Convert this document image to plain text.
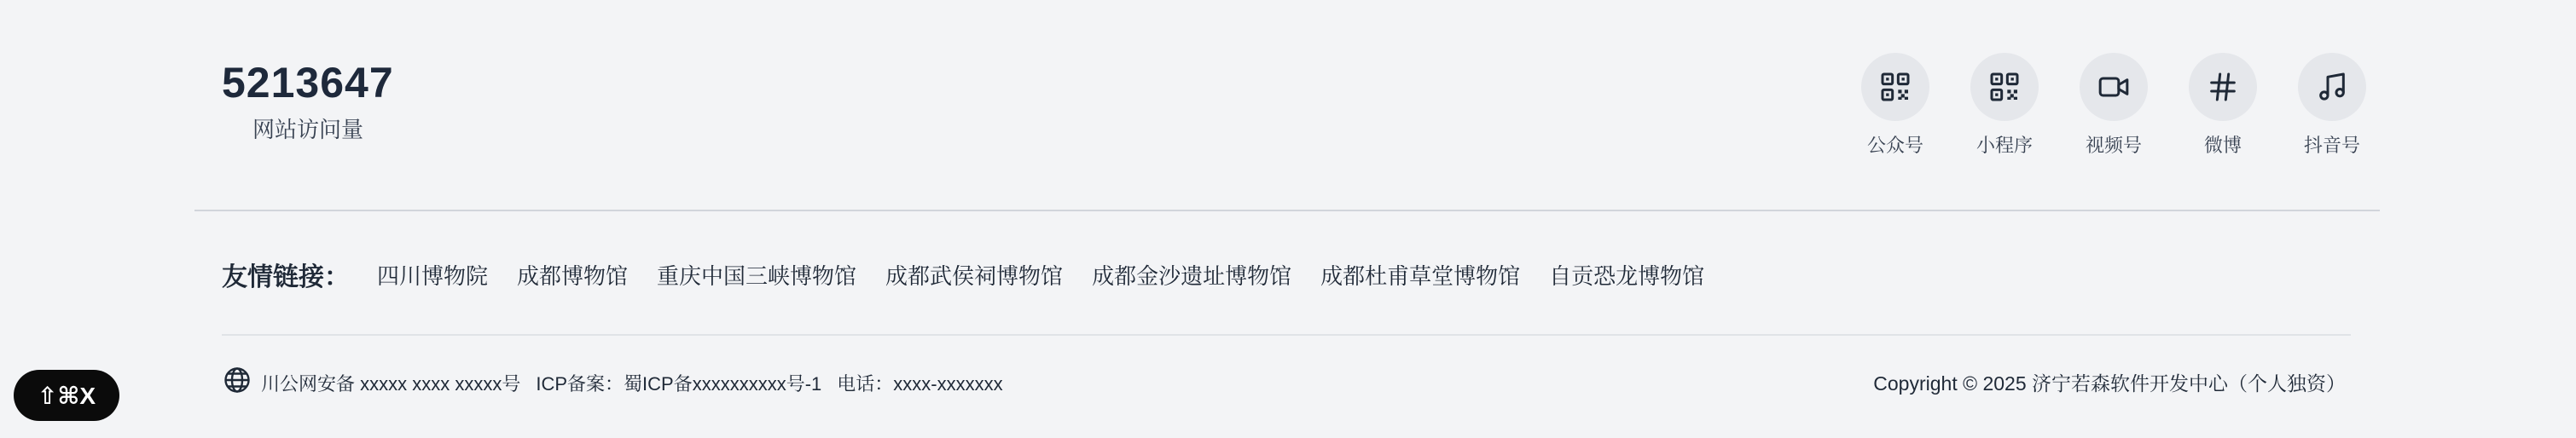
5213647
网站访问量
公众号	小程序	视频号	微博	抖音号
友情链接： 四川博物院 成都博物馆 重庆中国三峡博物馆 成都武侯祠博物馆 成都金沙遗址博物馆 成都杜甫草堂博物馆 自贡恐龙博物馆
川公网安备 xxxxx xxxx xxxxx号 ICP备案：蜀ICP备xxxxxxxxxx号-1 电话：xxxx-xxxxxxx	Copyright © 2025 济宁若森软件开发中心（个人独资）
⇧⌘X
